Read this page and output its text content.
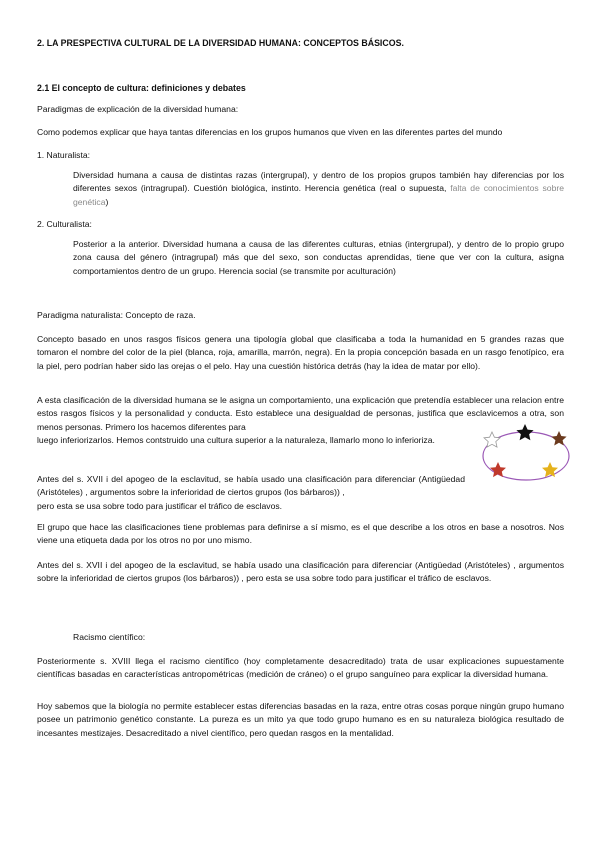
2. LA PRESPECTIVA CULTURAL DE LA DIVERSIDAD HUMANA: CONCEPTOS BÁSICOS.
2.1 El concepto de cultura: definiciones y debates
Paradigmas de explicación de la diversidad humana:
Como podemos explicar que haya tantas diferencias en los grupos humanos que viven en las diferentes partes del mundo
1. Naturalista:
Diversidad humana a causa de distintas razas (intergrupal), y dentro de los propios grupos también hay diferencias por los diferentes sexos (intragrupal). Cuestión biológica, instinto. Herencia genética (real o supuesta, falta de conocimientos sobre genética)
2. Culturalista:
Posterior a la anterior. Diversidad humana a causa de las diferentes culturas, etnias (intergrupal), y dentro de lo propio grupo zona causa del género (intragrupal) más que del sexo, son conductas aprendidas, tiene que ver con la cultura, asigna comportamientos dentro de un grupo. Herencia social (se transmite por aculturación)
Paradigma naturalista: Concepto de raza.
Concepto basado en unos rasgos físicos genera una tipología global que clasificaba a toda la humanidad en 5 grandes razas que tomaron el nombre del color de la piel (blanca, roja, amarilla, marrón, negra). En la propia concepción basada en un rasgo fenotípico, era la piel, pero podrían haber sido las orejas o el pelo. Hay una cuestión histórica detrás (hay la idea de matar por ello).
A esta clasificación de la diversidad humana se le asigna un comportamiento, una explicación que pretendía establecer una relacion entre estos rasgos físicos y la personalidad y conducta. Esto establece una desigualdad de personas, justifica que esclavicemos a otra, son menos personas. Primero los hacemos diferentes para
luego inferiorizarlos. Hemos contstruido una cultura superior a la naturaleza, llamarlo mono lo inferioriza.
Antes del s. XVII i del apogeo de la esclavitud, se había usado una clasificación para diferenciar (Antigüedad (Aristóteles) , argumentos sobre la inferioridad de ciertos grupos (los bárbaros)) ,
pero esta se usa sobre todo para justificar el tráfico de esclavos.
El grupo que hace las clasificaciones tiene problemas para definirse a sí mismo, es el que describe a los otros en base a nosotros. Nos viene una etiqueta dada por los otros no por uno mismo.
Antes del s. XVII i del apogeo de la esclavitud, se había usado una clasificación para diferenciar (Antigüedad (Aristóteles) , argumentos sobre la inferioridad de ciertos grupos (los bárbaros)) , pero esta se usa sobre todo para justificar el tráfico de esclavos.
Racismo científico:
Posteriormente s. XVIII llega el racismo científico (hoy completamente desacreditado) trata de usar explicaciones supuestamente científicas basadas en características antropométricas (medición de cráneo) o el grupo sanguíneo para explicar la diversidad humana.
Hoy sabemos que la biología no permite establecer estas diferencias basadas en la raza, entre otras cosas porque ningún grupo humano posee un patrimonio genético constante. La pureza es un mito ya que todo grupo humano es en su naturaleza biológica resultado de incesantes mestizajes. Desacreditado a nivel científico, pero quedan rasgos en la mentalidad.
